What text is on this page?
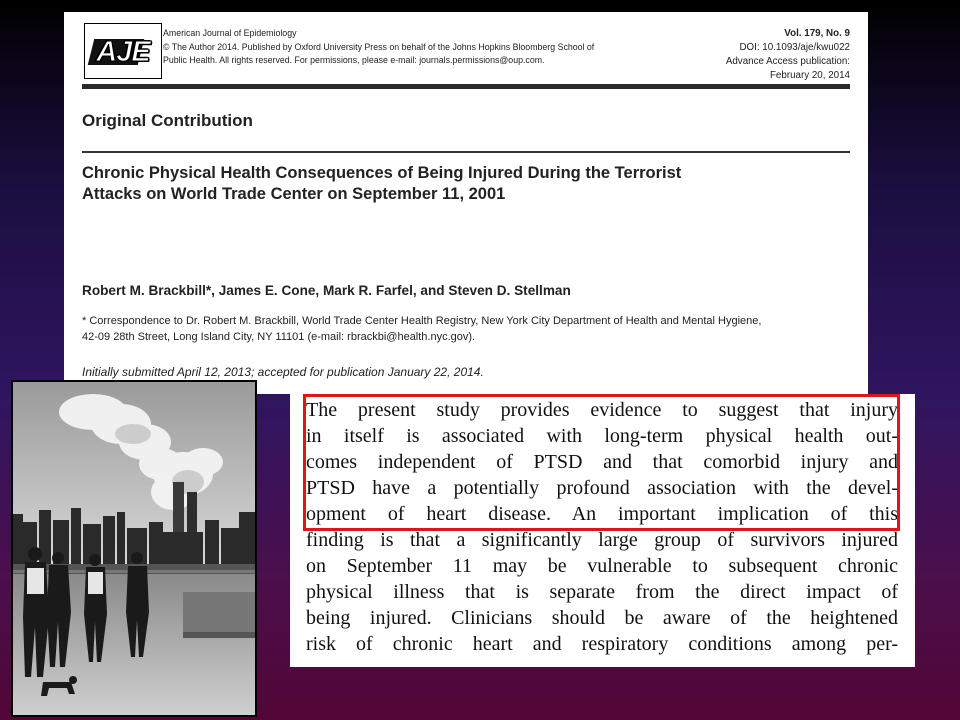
AJE
American Journal of Epidemiology
© The Author 2014. Published by Oxford University Press on behalf of the Johns Hopkins Bloomberg School of
Public Health. All rights reserved. For permissions, please e-mail: journals.permissions@oup.com.
Vol. 179, No. 9
DOI: 10.1093/aje/kwu022
Advance Access publication:
February 20, 2014
Original Contribution
Chronic Physical Health Consequences of Being Injured During the Terrorist
Attacks on World Trade Center on September 11, 2001
Robert M. Brackbill*, James E. Cone, Mark R. Farfel, and Steven D. Stellman
* Correspondence to Dr. Robert M. Brackbill, World Trade Center Health Registry, New York City Department of Health and Mental Hygiene,
42-09 28th Street, Long Island City, NY 11101 (e-mail: rbrackbi@health.nyc.gov).
Initially submitted April 12, 2013; accepted for publication January 22, 2014.
The present study provides evidence to suggest that injury
in itself is associated with long-term physical health out-
comes independent of PTSD and that comorbid injury and
PTSD have a potentially profound association with the devel-
opment of heart disease. An important implication of this
finding is that a significantly large group of survivors injured
on September 11 may be vulnerable to subsequent chronic
physical illness that is separate from the direct impact of
being injured. Clinicians should be aware of the heightened
risk of chronic heart and respiratory conditions among per-
